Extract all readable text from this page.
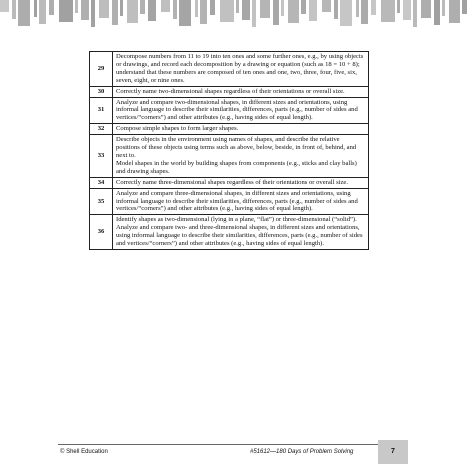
29	Decompose numbers from 11 to 19 into ten ones and some further ones, e.g., by using objects or drawings, and record each decomposition by a drawing or equation (such as 18 = 10 + 8); understand that these numbers are composed of ten ones and one, two, three, four, five, six, seven, eight, or nine ones.

30	Correctly name two-dimensional shapes regardless of their orientations or overall size.

31	Analyze and compare two-dimensional shapes, in different sizes and orientations, using informal language to describe their similarities, differences, parts (e.g., number of sides and vertices/“corners”) and other attributes (e.g., having sides of equal length).

32	Compose simple shapes to form larger shapes.

33	Describe objects in the environment using names of shapes, and describe the relative positions of these objects using terms such as above, below, beside, in front of, behind, and next to.
Model shapes in the world by building shapes from components (e.g., sticks and clay balls) and drawing shapes.

34	Correctly name three-dimensional shapes regardless of their orientations or overall size.

35	Analyze and compare three-dimensional shapes, in different sizes and orientations, using informal language to describe their similarities, differences, parts (e.g., number of sides and vertices/“corners”) and other attributes (e.g., having sides of equal length).

36	Identify shapes as two-dimensional (lying in a plane, “flat”) or three-dimensional (“solid”).
Analyze and compare two- and three-dimensional shapes, in different sizes and orientations, using informal language to describe their similarities, differences, parts (e.g., number of sides and vertices/“corners”) and other attributes (e.g., having sides of equal length).
© Shell Education	#51612—180 Days of Problem Solving	7
